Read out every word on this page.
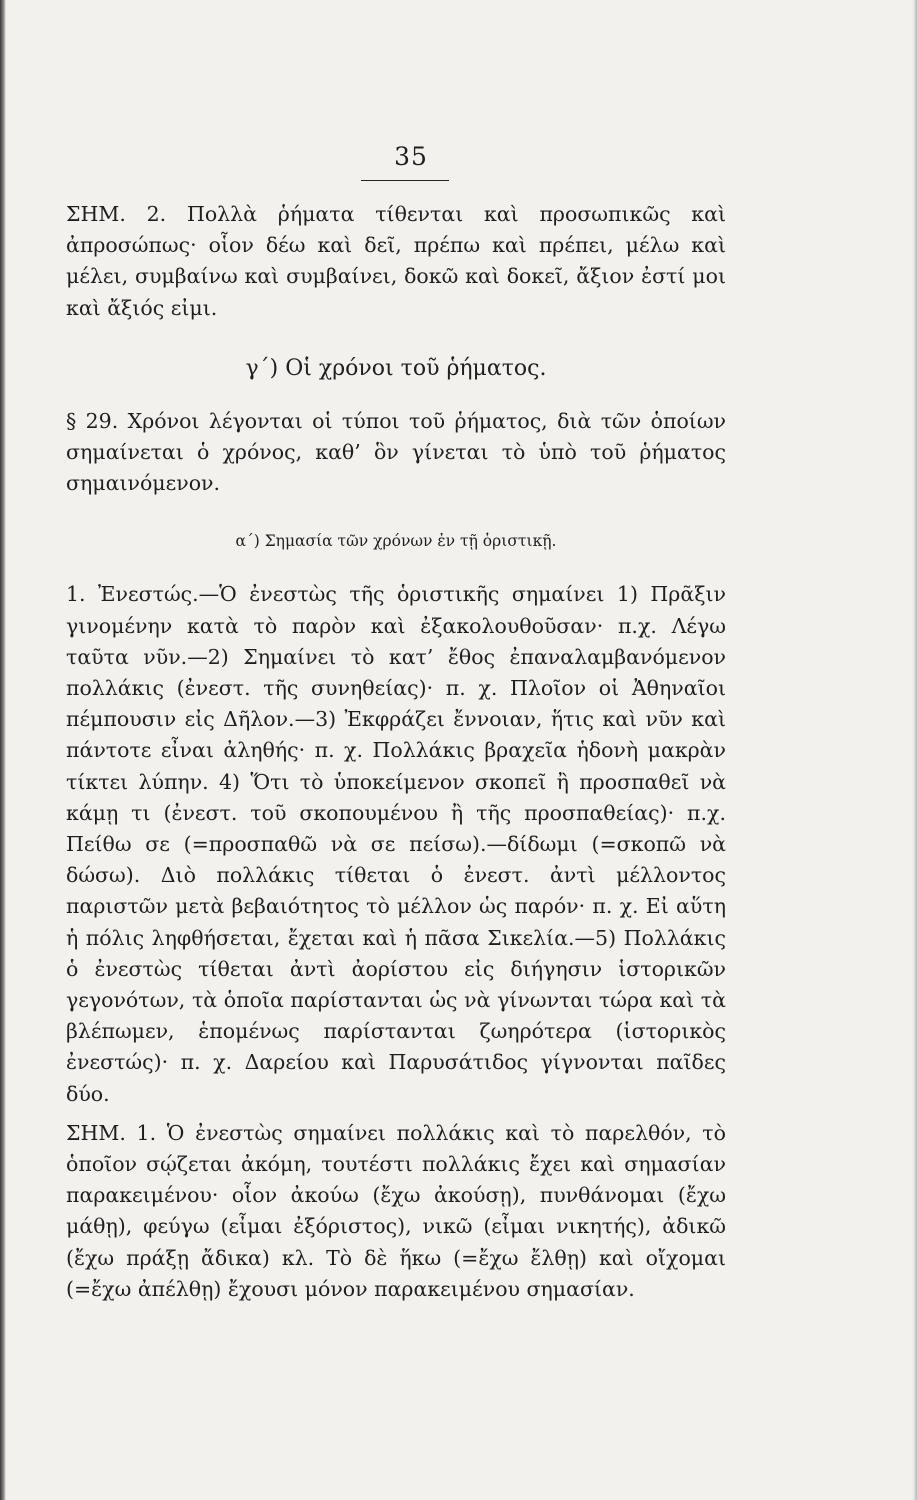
35

ΣΗΜ. 2. Πολλὰ ῥήματα τίθενται καὶ προσωπικῶς καὶ ἀπροσώπως· οἷον δέω καὶ δεῖ, πρέπω καὶ πρέπει, μέλω καὶ μέλει, συμβαίνω καὶ συμβαίνει, δοκῶ καὶ δοκεῖ, ἄξιον ἐστί μοι καὶ ἄξιός εἰμι.

γ΄) Οἱ χρόνοι τοῦ ῥήματος.

§ 29. Χρόνοι λέγονται οἱ τύποι τοῦ ῥήματος, διὰ τῶν ὁποίων σημαίνεται ὁ χρόνος, καθ’ ὃν γίνεται τὸ ὑπὸ τοῦ ῥήματος σημαινόμενον.

α΄) Σημασία τῶν χρόνων ἐν τῇ ὁριστικῇ.

1. Ἐνεστώς.—Ὁ ἐνεστὼς τῆς ὁριστικῆς σημαίνει 1) Πρᾶξιν γινομένην κατὰ τὸ παρὸν καὶ ἐξακολουθοῦσαν· π.χ. Λέγω ταῦτα νῦν.—2) Σημαίνει τὸ κατ’ ἔθος ἐπαναλαμβανόμενον πολλάκις (ἐνεστ. τῆς συνηθείας)· π. χ. Πλοῖον οἱ Ἀθηναῖοι πέμπουσιν εἰς Δῆλον.—3) Ἐκφράζει ἔννοιαν, ἥτις καὶ νῦν καὶ πάντοτε εἶναι ἀληθής· π. χ. Πολλάκις βραχεῖα ἡδονὴ μακρὰν τίκτει λύπην. 4) Ὅτι τὸ ὑποκείμενον σκοπεῖ ἢ προσπαθεῖ νὰ κάμῃ τι (ἐνεστ. τοῦ σκοπουμένου ἢ τῆς προσπαθείας)· π.χ. Πείθω σε (=προσπαθῶ νὰ σε πείσω).—δίδωμι (=σκοπῶ νὰ δώσω). Διὸ πολλάκις τίθεται ὁ ἐνεστ. ἀντὶ μέλλοντος παριστῶν μετὰ βεβαιότητος τὸ μέλλον ὡς παρόν· π. χ. Εἰ αὕτη ἡ πόλις ληφθήσεται, ἔχεται καὶ ἡ πᾶσα Σικελία.—5) Πολλάκις ὁ ἐνεστὼς τίθεται ἀντὶ ἀορίστου εἰς διήγησιν ἱστορικῶν γεγονότων, τὰ ὁποῖα παρίστανται ὡς νὰ γίνωνται τώρα καὶ τὰ βλέπωμεν, ἑπομένως παρίστανται ζωηρότερα (ἱστορικὸς ἐνεστώς)· π. χ. Δαρείου καὶ Παρυσάτιδος γίγνονται παῖδες δύο.

ΣΗΜ. 1. Ὁ ἐνεστὼς σημαίνει πολλάκις καὶ τὸ παρελθόν, τὸ ὁποῖον σῴζεται ἀκόμη, τουτέστι πολλάκις ἔχει καὶ σημασίαν παρακειμένου· οἷον ἀκούω (ἔχω ἀκούσῃ), πυνθάνομαι (ἔχω μάθῃ), φεύγω (εἶμαι ἐξόριστος), νικῶ (εἶμαι νικητής), ἀδικῶ (ἔχω πράξῃ ἄδικα) κλ. Τὸ δὲ ἥκω (=ἔχω ἔλθῃ) καὶ οἴχομαι (=ἔχω ἀπέλθῃ) ἔχουσι μόνον παρακειμένου σημασίαν.
